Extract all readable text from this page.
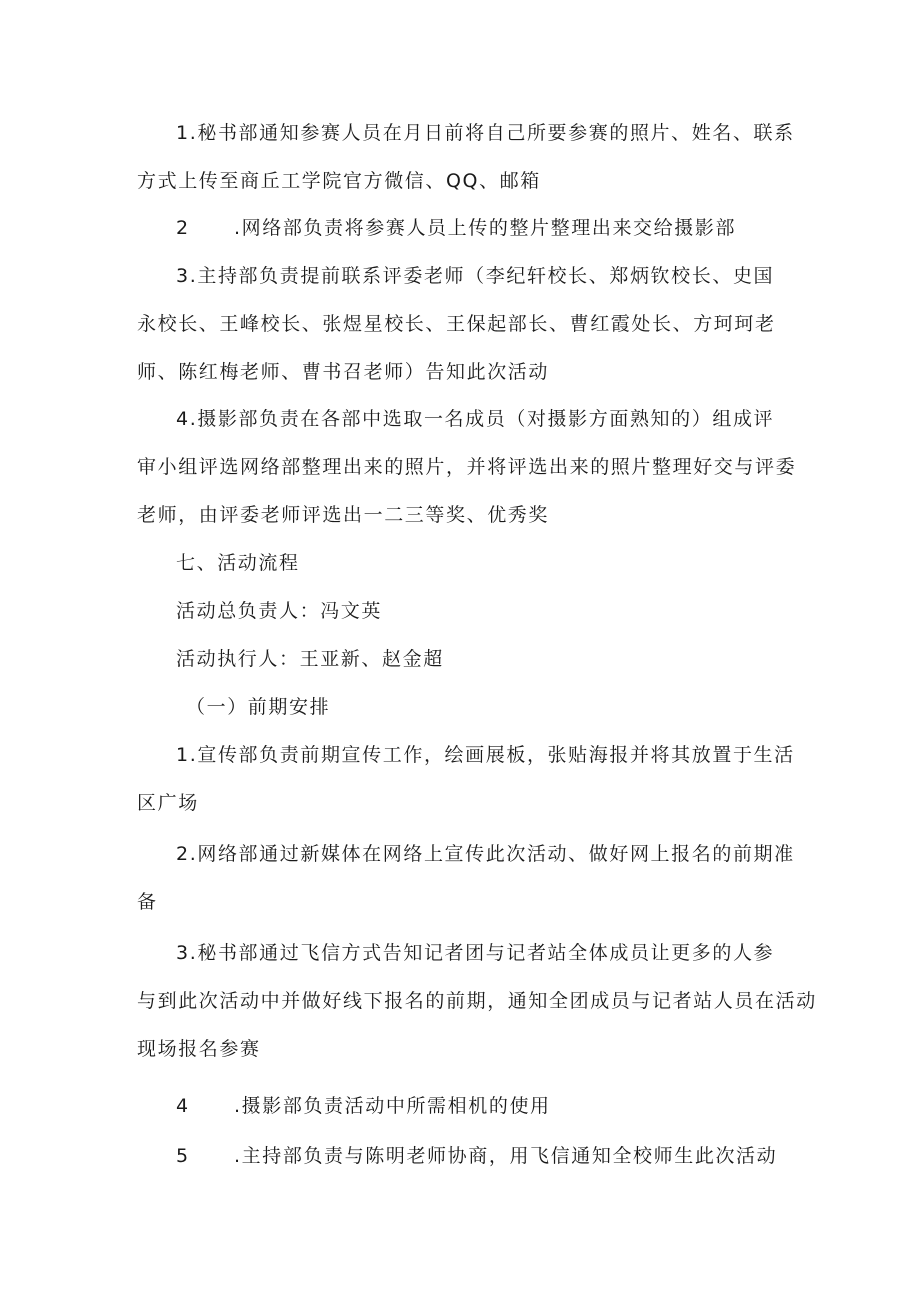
1.秘书部通知参赛人员在月日前将自己所要参赛的照片、姓名、联系
方式上传至商丘工学院官方微信、QQ、邮箱
2 .网络部负责将参赛人员上传的整片整理出来交给摄影部
3.主持部负责提前联系评委老师（李纪轩校长、郑炳钦校长、史国
永校长、王峰校长、张煜星校长、王保起部长、曹红霞处长、方珂珂老
师、陈红梅老师、曹书召老师）告知此次活动
4.摄影部负责在各部中选取一名成员（对摄影方面熟知的）组成评
审小组评选网络部整理出来的照片，并将评选出来的照片整理好交与评委
老师，由评委老师评选出一二三等奖、优秀奖
七、活动流程
活动总负责人：冯文英
活动执行人：王亚新、赵金超
（一）前期安排
1.宣传部负责前期宣传工作，绘画展板，张贴海报并将其放置于生活
区广场
2.网络部通过新媒体在网络上宣传此次活动、做好网上报名的前期准
备
3.秘书部通过飞信方式告知记者团与记者站全体成员让更多的人参
与到此次活动中并做好线下报名的前期，通知全团成员与记者站人员在活动
现场报名参赛
4 .摄影部负责活动中所需相机的使用
5 .主持部负责与陈明老师协商，用飞信通知全校师生此次活动
